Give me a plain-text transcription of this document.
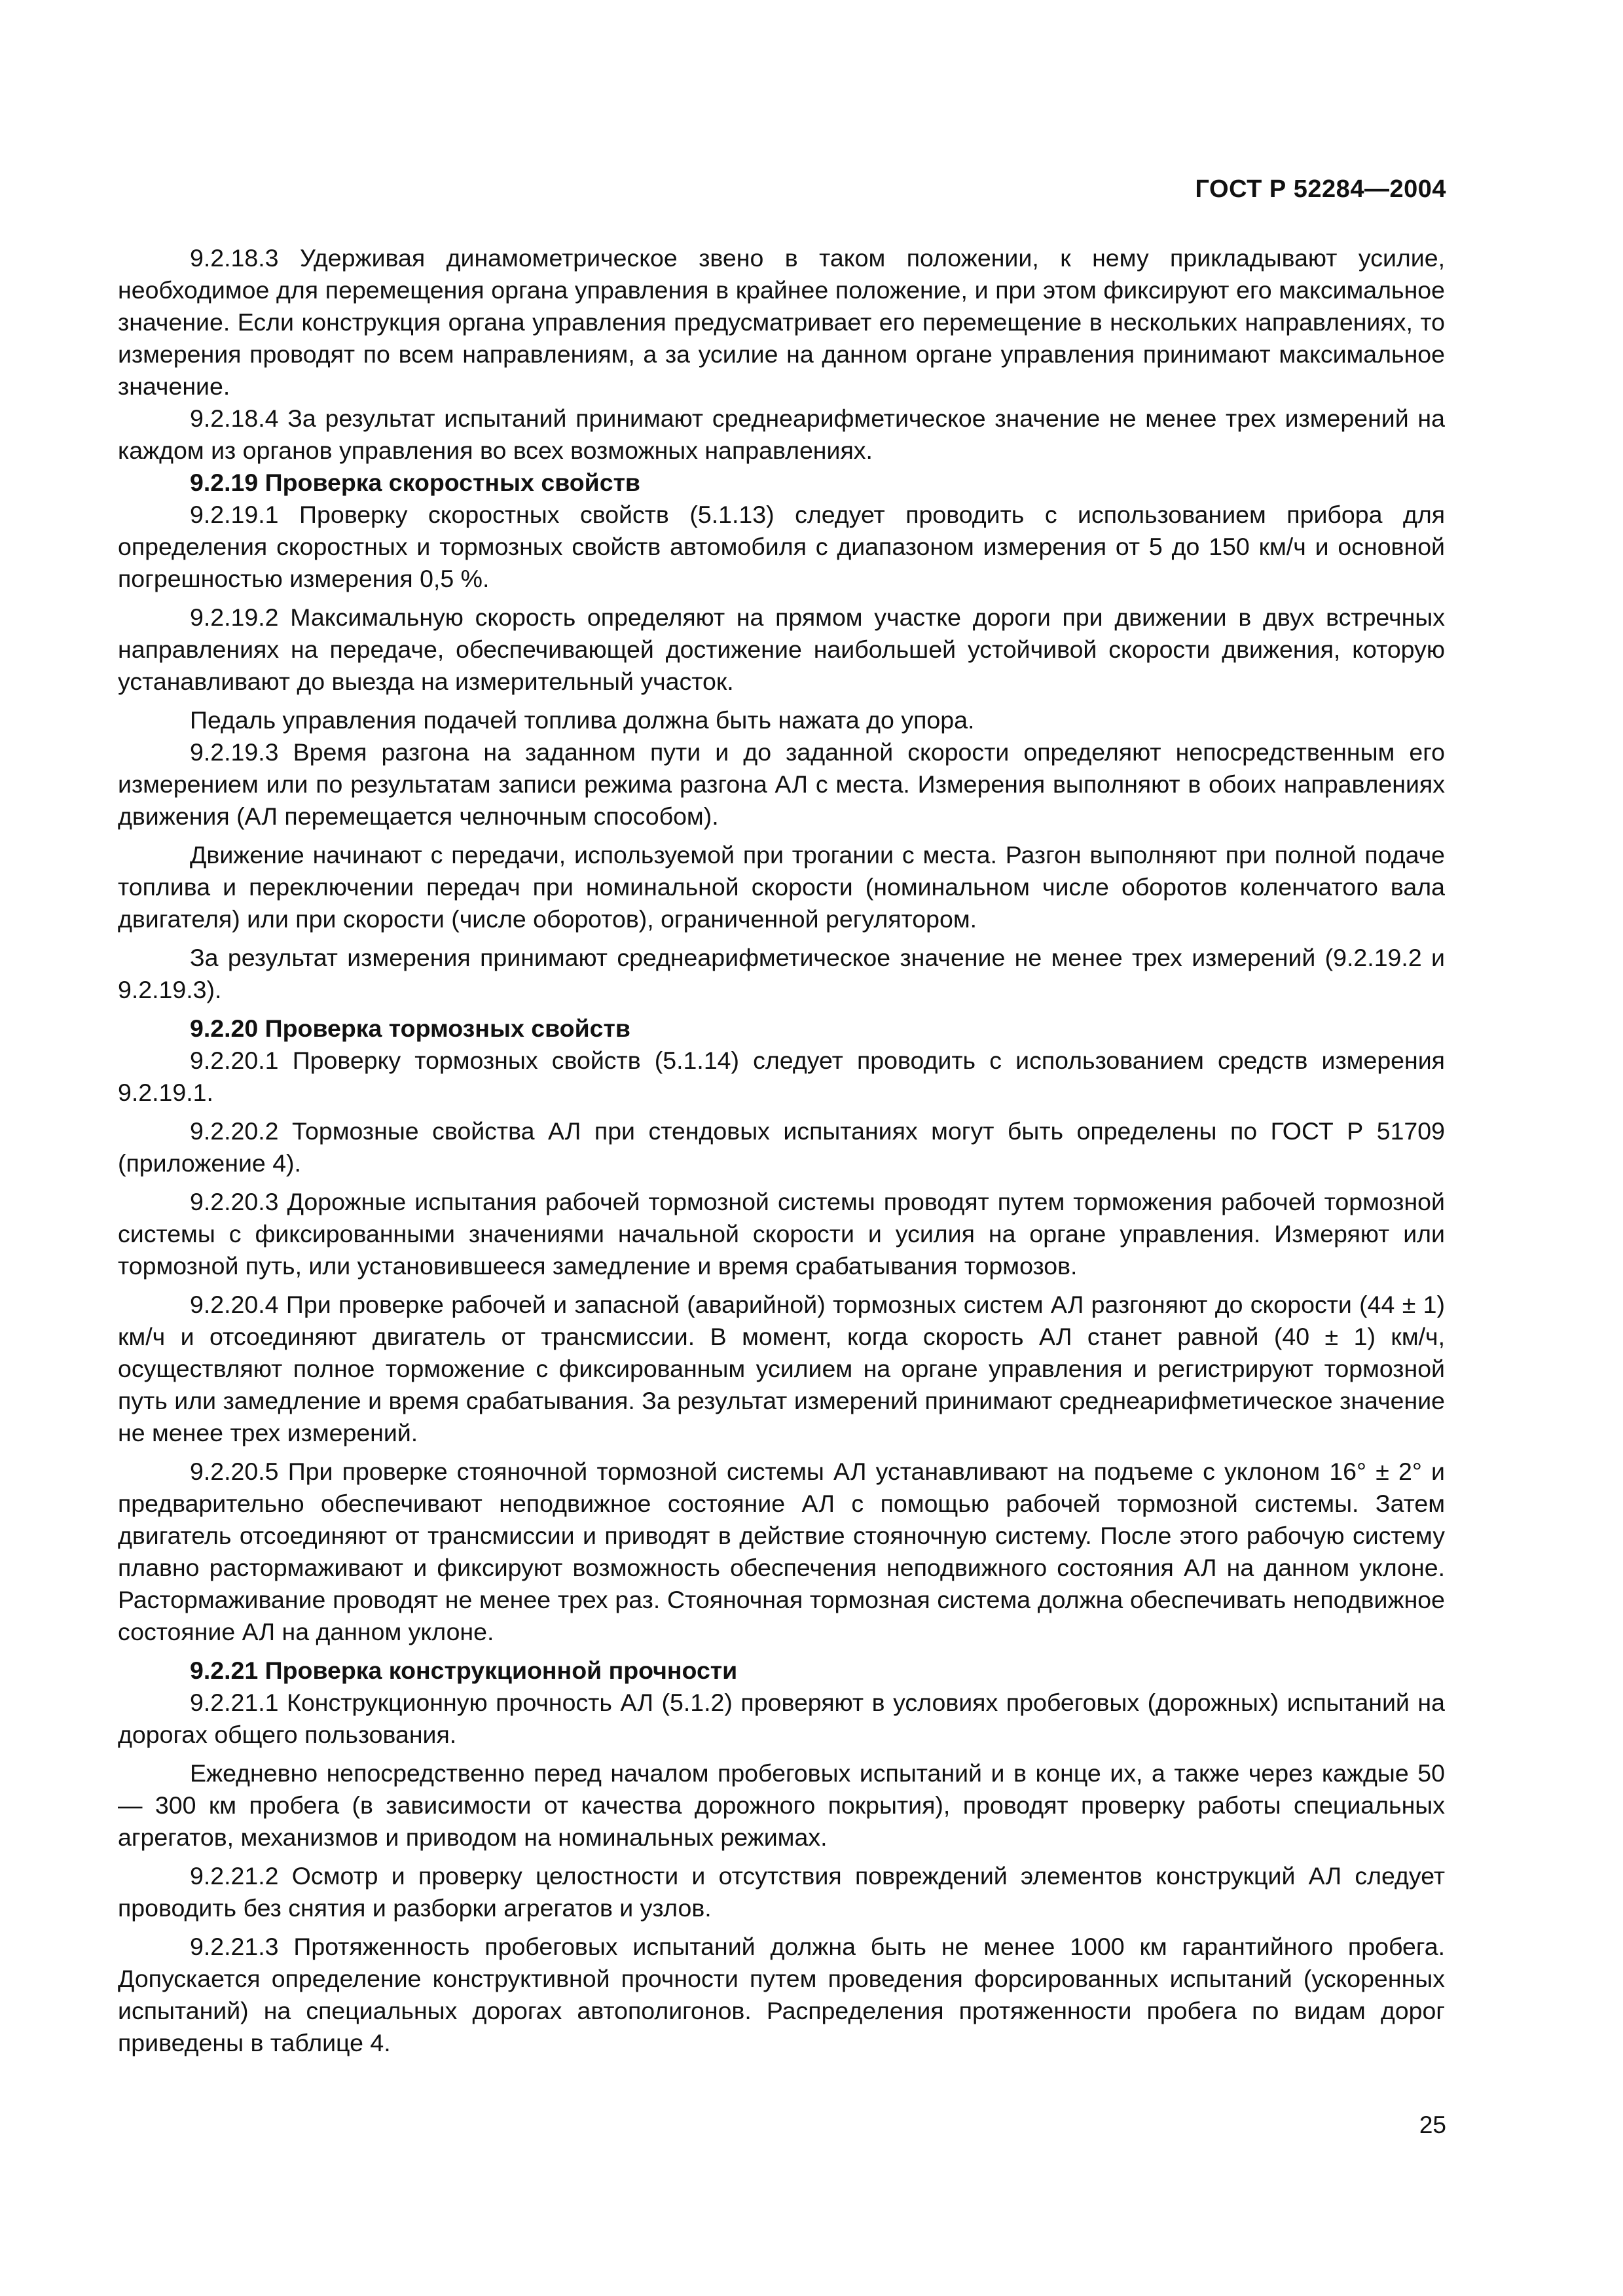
ГОСТ Р 52284—2004

9.2.18.3 Удерживая динамометрическое звено в таком положении, к нему прикладывают усилие, необходимое для перемещения органа управления в крайнее положение, и при этом фиксируют его максимальное значение. Если конструкция органа управления предусматривает его перемещение в нескольких направлениях, то измерения проводят по всем направлениям, а за усилие на данном органе управления принимают максимальное значение.

9.2.18.4 За результат испытаний принимают среднеарифметическое значение не менее трех измерений на каждом из органов управления во всех возможных направлениях.

9.2.19 Проверка скоростных свойств

9.2.19.1 Проверку скоростных свойств (5.1.13) следует проводить с использованием прибора для определения скоростных и тормозных свойств автомобиля с диапазоном измерения от 5 до 150 км/ч и основной погрешностью измерения 0,5 %.

9.2.19.2 Максимальную скорость определяют на прямом участке дороги при движении в двух встречных направлениях на передаче, обеспечивающей достижение наибольшей устойчивой скорости движения, которую устанавливают до выезда на измерительный участок.

Педаль управления подачей топлива должна быть нажата до упора.

9.2.19.3 Время разгона на заданном пути и до заданной скорости определяют непосредственным его измерением или по результатам записи режима разгона АЛ с места. Измерения выполняют в обоих направлениях движения (АЛ перемещается челночным способом).

Движение начинают с передачи, используемой при трогании с места. Разгон выполняют при полной подаче топлива и переключении передач при номинальной скорости (номинальном числе оборотов коленчатого вала двигателя) или при скорости (числе оборотов), ограниченной регулятором.

За результат измерения принимают среднеарифметическое значение не менее трех измерений (9.2.19.2 и 9.2.19.3).

9.2.20 Проверка тормозных свойств

9.2.20.1 Проверку тормозных свойств (5.1.14) следует проводить с использованием средств измерения 9.2.19.1.

9.2.20.2 Тормозные свойства АЛ при стендовых испытаниях могут быть определены по ГОСТ Р 51709 (приложение 4).

9.2.20.3 Дорожные испытания рабочей тормозной системы проводят путем торможения рабочей тормозной системы с фиксированными значениями начальной скорости и усилия на органе управления. Измеряют или тормозной путь, или установившееся замедление и время срабатывания тормозов.

9.2.20.4 При проверке рабочей и запасной (аварийной) тормозных систем АЛ разгоняют до скорости (44 ± 1) км/ч и отсоединяют двигатель от трансмиссии. В момент, когда скорость АЛ станет равной (40 ± 1) км/ч, осуществляют полное торможение с фиксированным усилием на органе управления и регистрируют тормозной путь или замедление и время срабатывания. За результат измерений принимают среднеарифметическое значение не менее трех измерений.

9.2.20.5 При проверке стояночной тормозной системы АЛ устанавливают на подъеме с уклоном 16° ± 2° и предварительно обеспечивают неподвижное состояние АЛ с помощью рабочей тормозной системы. Затем двигатель отсоединяют от трансмиссии и приводят в действие стояночную систему. После этого рабочую систему плавно растормаживают и фиксируют возможность обеспечения неподвижного состояния АЛ на данном уклоне. Растормаживание проводят не менее трех раз. Стояночная тормозная система должна обеспечивать неподвижное состояние АЛ на данном уклоне.

9.2.21 Проверка конструкционной прочности

9.2.21.1 Конструкционную прочность АЛ (5.1.2) проверяют в условиях пробеговых (дорожных) испытаний на дорогах общего пользования.

Ежедневно непосредственно перед началом пробеговых испытаний и в конце их, а также через каждые 50 — 300 км пробега (в зависимости от качества дорожного покрытия), проводят проверку работы специальных агрегатов, механизмов и приводом на номинальных режимах.

9.2.21.2 Осмотр и проверку целостности и отсутствия повреждений элементов конструкций АЛ следует проводить без снятия и разборки агрегатов и узлов.

9.2.21.3 Протяженность пробеговых испытаний должна быть не менее 1000 км гарантийного пробега. Допускается определение конструктивной прочности путем проведения форсированных испытаний (ускоренных испытаний) на специальных дорогах автополигонов. Распределения протяженности пробега по видам дорог приведены в таблице 4.

25
